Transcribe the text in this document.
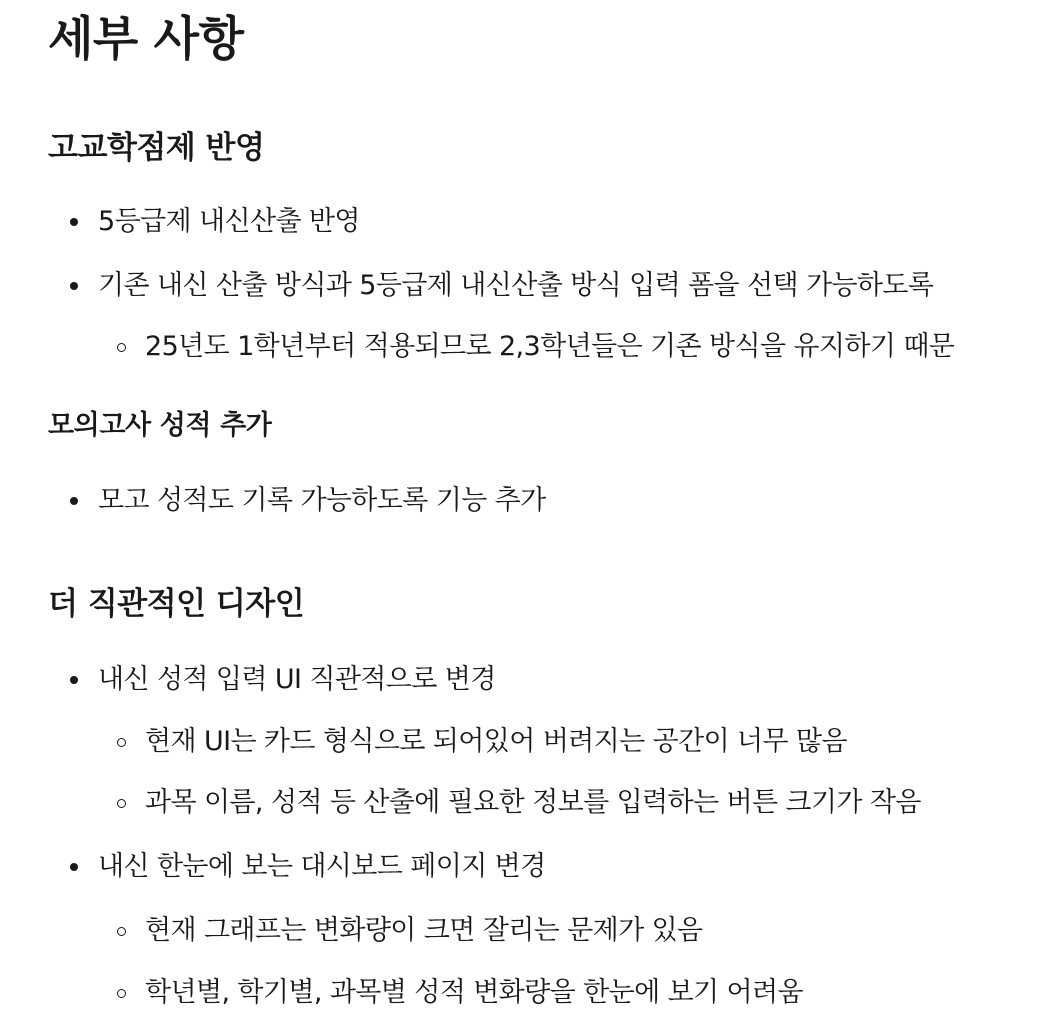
세부 사항
고교학점제 반영
5등급제 내신산출 반영
기존 내신 산출 방식과 5등급제 내신산출 방식 입력 폼을 선택 가능하도록
25년도 1학년부터 적용되므로 2,3학년들은 기존 방식을 유지하기 때문
모의고사 성적 추가
모고 성적도 기록 가능하도록 기능 추가
더 직관적인 디자인
내신 성적 입력 UI 직관적으로 변경
현재 UI는 카드 형식으로 되어있어 버려지는 공간이 너무 많음
과목 이름, 성적 등 산출에 필요한 정보를 입력하는 버튼 크기가 작음
내신 한눈에 보는 대시보드 페이지 변경
현재 그래프는 변화량이 크면 잘리는 문제가 있음
학년별, 학기별, 과목별 성적 변화량을 한눈에 보기 어려움
